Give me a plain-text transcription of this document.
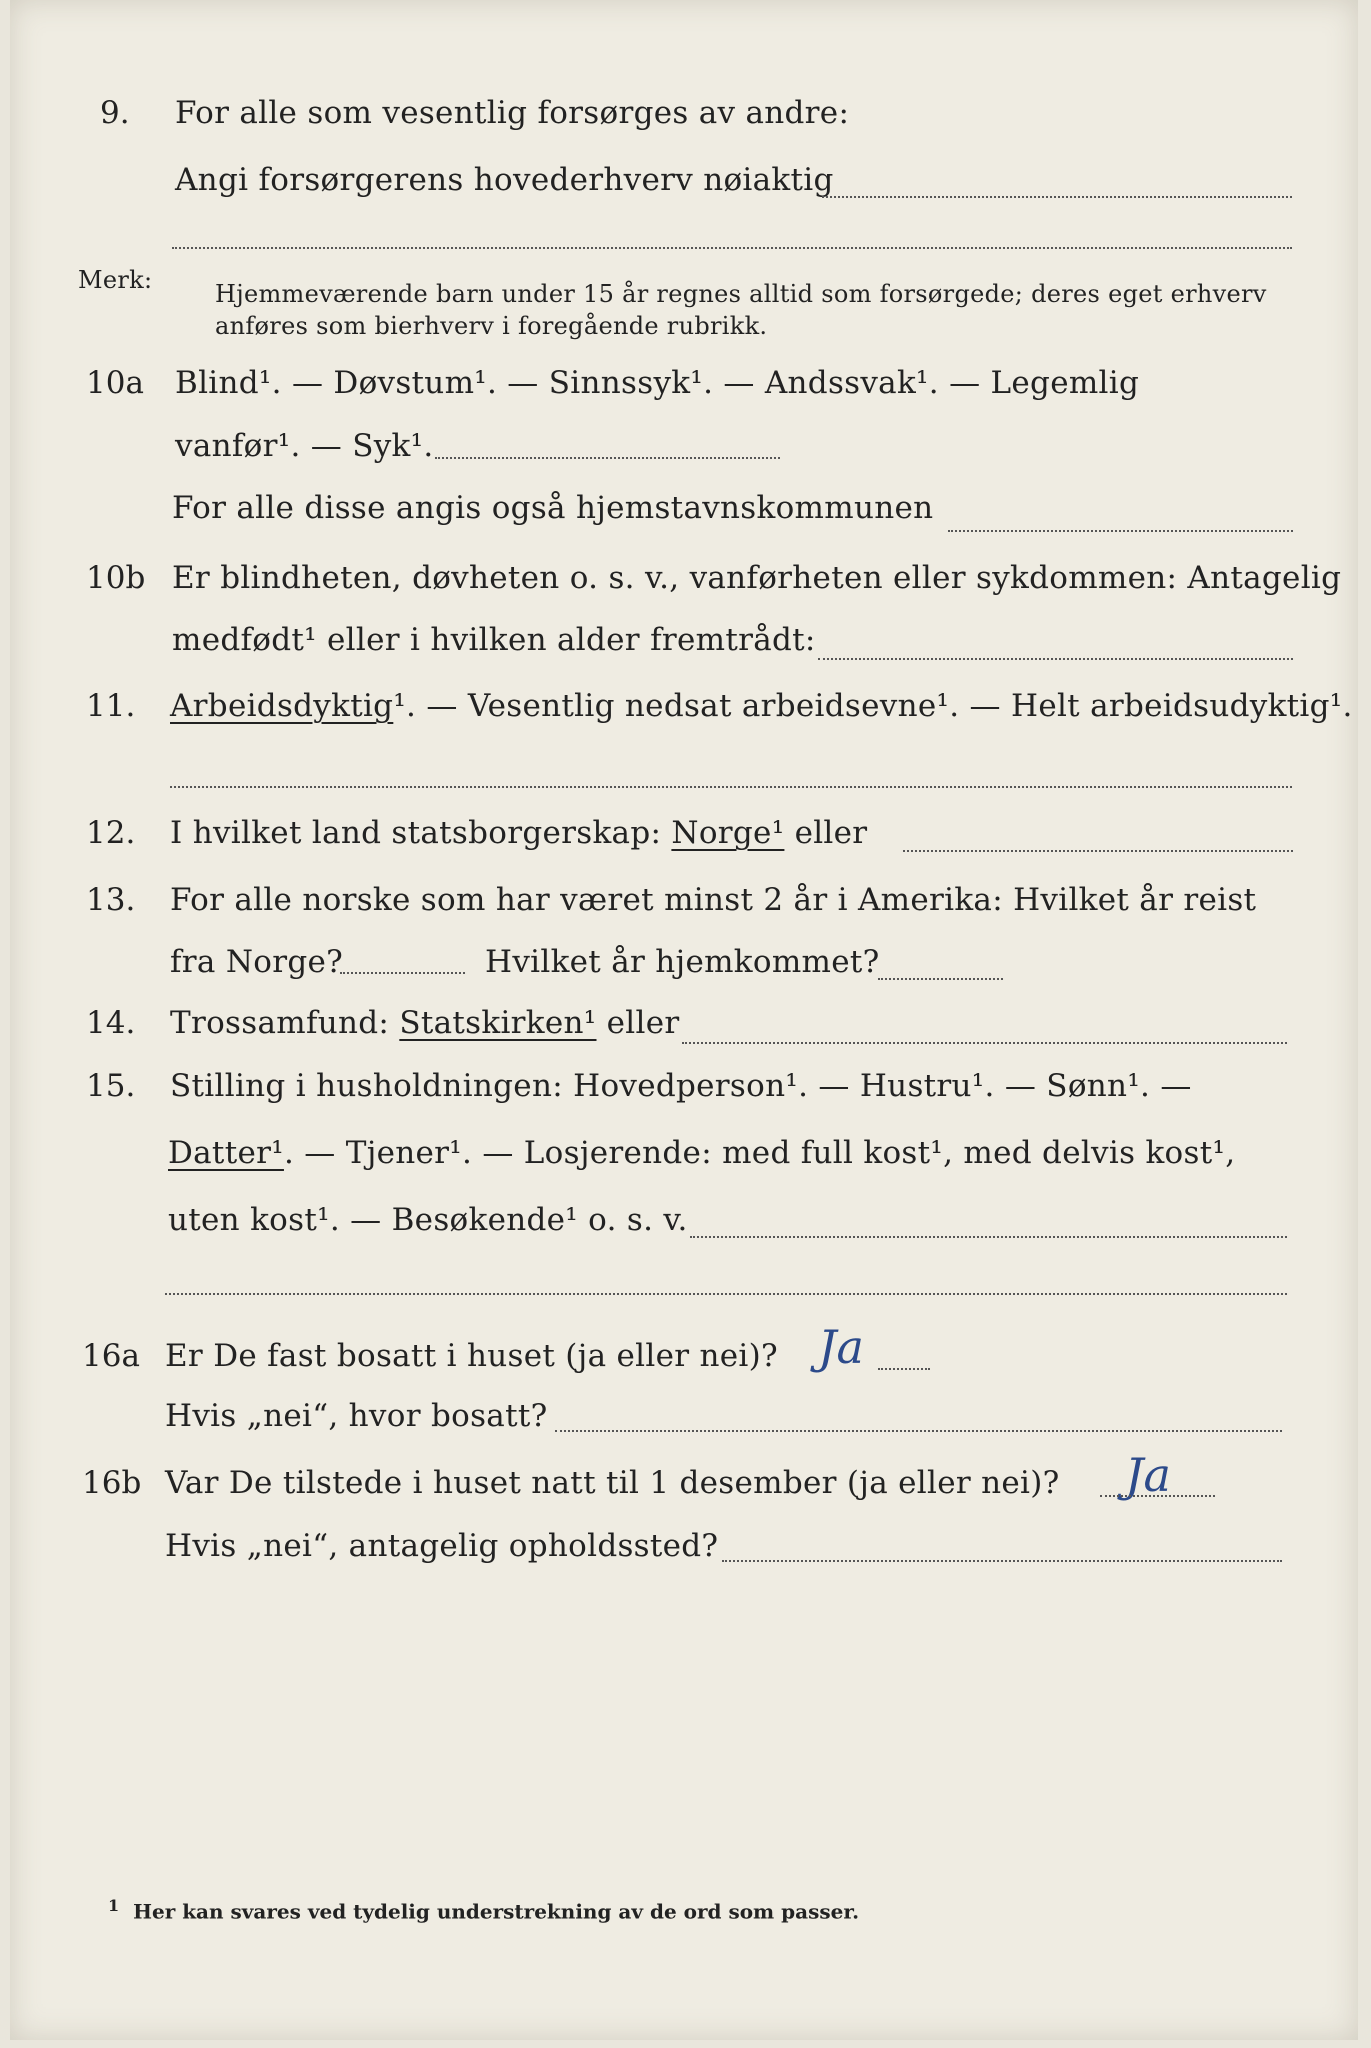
9. For alle som vesentlig forsørges av andre:
Angi forsørgerens hovederhverv nøiaktig
Merk:	Hjemmeværende barn under 15 år regnes alltid som forsørgede; deres eget erhverv
anføres som bierhverv i foregående rubrikk.
10a Blind¹. — Døvstum¹. — Sinnssyk¹. — Andssvak¹. — Legemlig
vanfør¹. — Syk¹.
For alle disse angis også hjemstavnskommunen
10b Er blindheten, døvheten o. s. v., vanførheten eller sykdommen: Antagelig
medfødt¹ eller i hvilken alder fremtrådt:
11. Arbeidsdyktig¹. — Vesentlig nedsat arbeidsevne¹. — Helt arbeidsudyktig¹.
12. I hvilket land statsborgerskap: Norge¹ eller
13. For alle norske som har været minst 2 år i Amerika: Hvilket år reist
fra Norge?	Hvilket år hjemkommet?
14. Trossamfund: Statskirken¹ eller
15. Stilling i husholdningen: Hovedperson¹. — Hustru¹. — Sønn¹. —
Datter¹. — Tjener¹. — Losjerende: med full kost¹, med delvis kost¹,
uten kost¹. — Besøkende¹ o. s. v.
16a Er De fast bosatt i huset (ja eller nei)? Ja
Hvis „nei“, hvor bosatt?
16b Var De tilstede i huset natt til 1 desember (ja eller nei)? Ja
Hvis „nei“, antagelig opholdssted?
$^1$ Her kan svares ved tydelig understrekning av de ord som passer.
